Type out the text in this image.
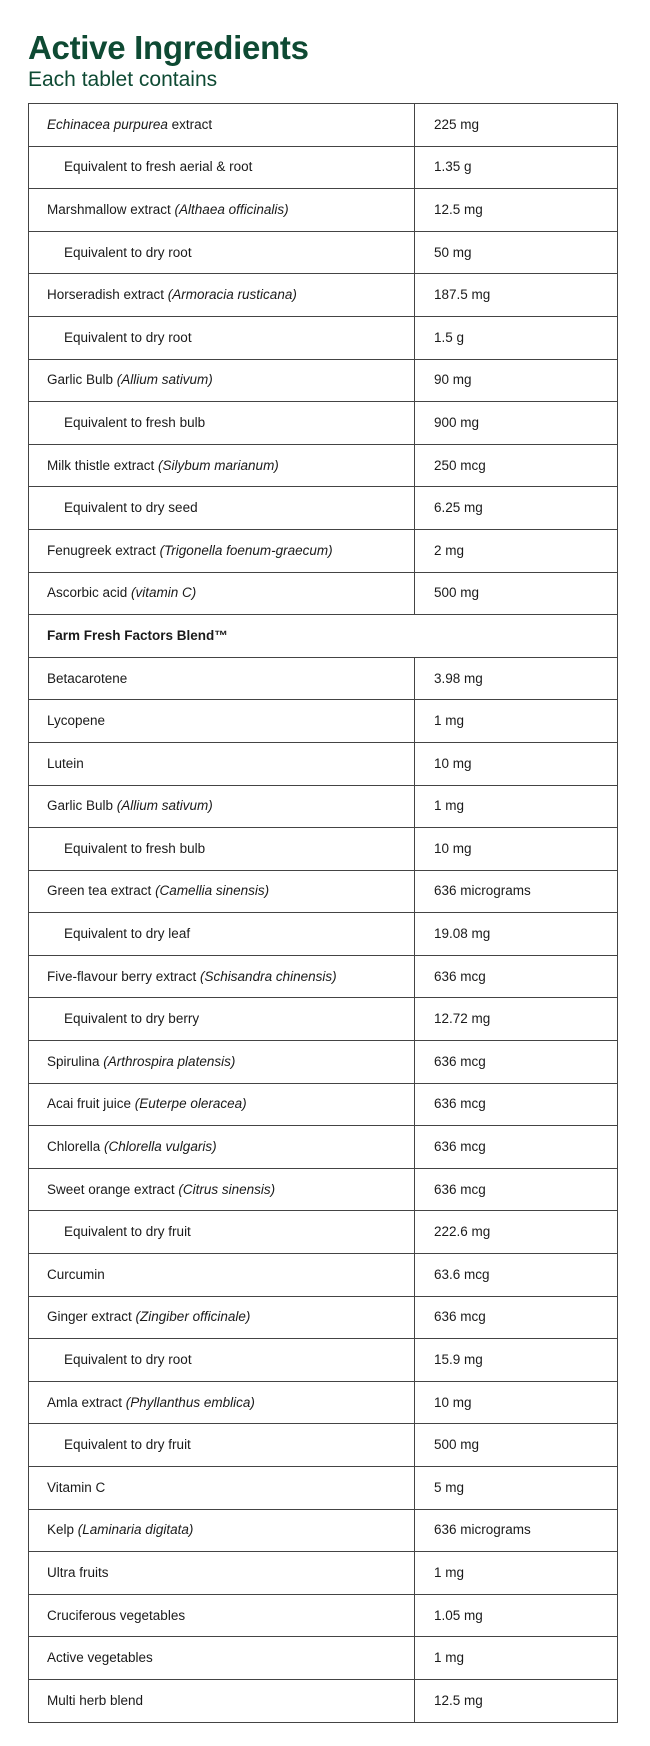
Active Ingredients
Each tablet contains
Echinacea purpurea extract	225 mg
Equivalent to fresh aerial & root	1.35 g
Marshmallow extract (Althaea officinalis)	12.5 mg
Equivalent to dry root	50 mg
Horseradish extract (Armoracia rusticana)	187.5 mg
Equivalent to dry root	1.5 g
Garlic Bulb (Allium sativum)	90 mg
Equivalent to fresh bulb	900 mg
Milk thistle extract (Silybum marianum)	250 mcg
Equivalent to dry seed	6.25 mg
Fenugreek extract (Trigonella foenum-graecum)	2 mg
Ascorbic acid (vitamin C)	500 mg
Farm Fresh Factors Blend™	
Betacarotene	3.98 mg
Lycopene	1 mg
Lutein	10 mg
Garlic Bulb (Allium sativum)	1 mg
Equivalent to fresh bulb	10 mg
Green tea extract (Camellia sinensis)	636 micrograms
Equivalent to dry leaf	19.08 mg
Five-flavour berry extract (Schisandra chinensis)	636 mcg
Equivalent to dry berry	12.72 mg
Spirulina (Arthrospira platensis)	636 mcg
Acai fruit juice (Euterpe oleracea)	636 mcg
Chlorella (Chlorella vulgaris)	636 mcg
Sweet orange extract (Citrus sinensis)	636 mcg
Equivalent to dry fruit	222.6 mg
Curcumin	63.6 mcg
Ginger extract (Zingiber officinale)	636 mcg
Equivalent to dry root	15.9 mg
Amla extract (Phyllanthus emblica)	10 mg
Equivalent to dry fruit	500 mg
Vitamin C	5 mg
Kelp (Laminaria digitata)	636 micrograms
Ultra fruits	1 mg
Cruciferous vegetables	1.05 mg
Active vegetables	1 mg
Multi herb blend	12.5 mg
